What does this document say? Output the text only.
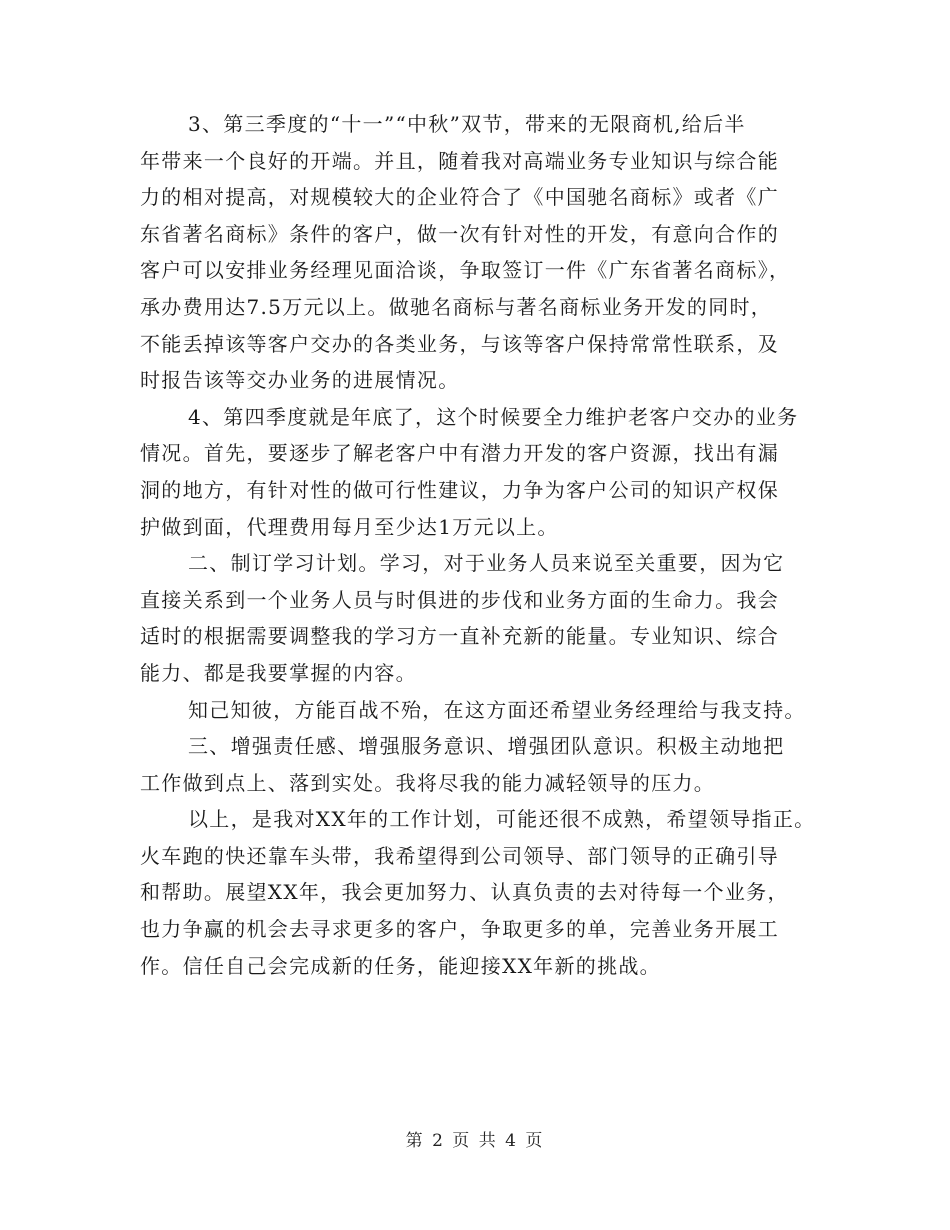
3、第三季度的“十一”“中秋”双节，带来的无限商机,给后半
年带来一个良好的开端。并且，随着我对高端业务专业知识与综合能
力的相对提高，对规模较大的企业符合了《中国驰名商标》或者《广
东省著名商标》条件的客户，做一次有针对性的开发，有意向合作的
客户可以安排业务经理见面洽谈，争取签订一件《广东省著名商标》，
承办费用达7.5万元以上。做驰名商标与著名商标业务开发的同时，
不能丢掉该等客户交办的各类业务，与该等客户保持常常性联系，及
时报告该等交办业务的进展情况。
4、第四季度就是年底了，这个时候要全力维护老客户交办的业务
情况。首先，要逐步了解老客户中有潜力开发的客户资源，找出有漏
洞的地方，有针对性的做可行性建议，力争为客户公司的知识产权保
护做到面，代理费用每月至少达1万元以上。
二、制订学习计划。学习，对于业务人员来说至关重要，因为它
直接关系到一个业务人员与时俱进的步伐和业务方面的生命力。我会
适时的根据需要调整我的学习方一直补充新的能量。专业知识、综合
能力、都是我要掌握的内容。
知己知彼，方能百战不殆，在这方面还希望业务经理给与我支持。
三、增强责任感、增强服务意识、增强团队意识。积极主动地把
工作做到点上、落到实处。我将尽我的能力减轻领导的压力。
以上，是我对XX年的工作计划，可能还很不成熟，希望领导指正。
火车跑的快还靠车头带，我希望得到公司领导、部门领导的正确引导
和帮助。展望XX年，我会更加努力、认真负责的去对待每一个业务，
也力争赢的机会去寻求更多的客户，争取更多的单，完善业务开展工
作。信任自己会完成新的任务，能迎接XX年新的挑战。
第 2 页 共 4 页
